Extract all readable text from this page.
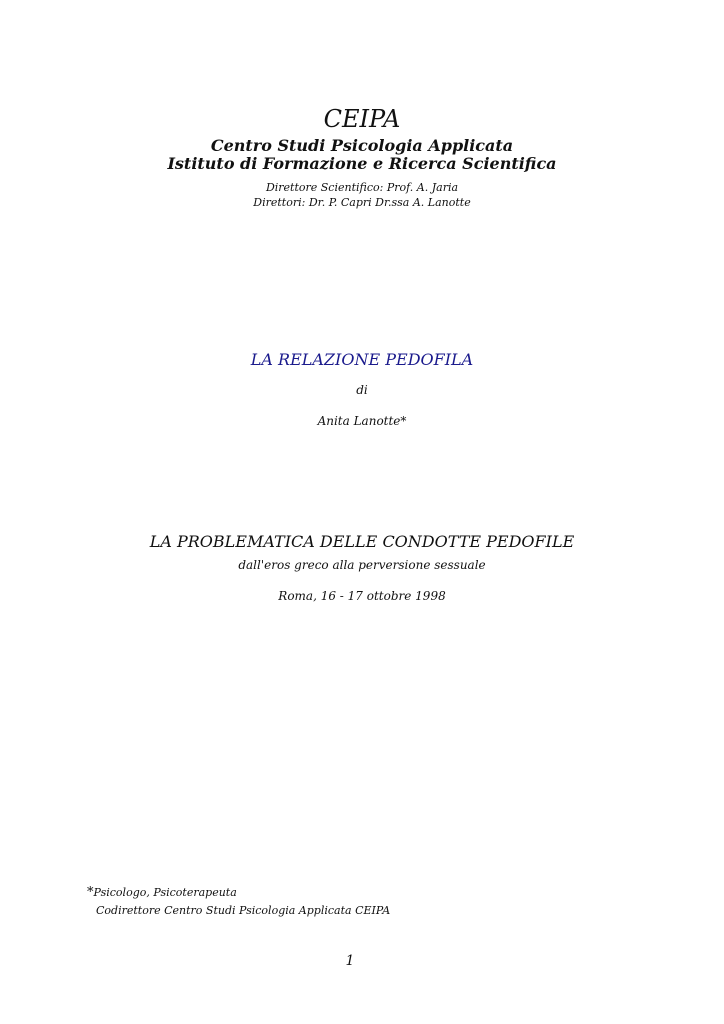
CEIPA
Centro Studi Psicologia Applicata
Istituto di Formazione e Ricerca Scientifica
Direttore Scientifico: Prof. A. Jaria
Direttori: Dr. P. Capri Dr.ssa A. Lanotte
LA RELAZIONE PEDOFILA
di
Anita Lanotte*
LA PROBLEMATICA DELLE CONDOTTE PEDOFILE
dall'eros greco alla perversione sessuale
Roma, 16 - 17 ottobre 1998
*Psicologo, Psicoterapeuta
Codirettore Centro Studi Psicologia Applicata CEIPA
1
